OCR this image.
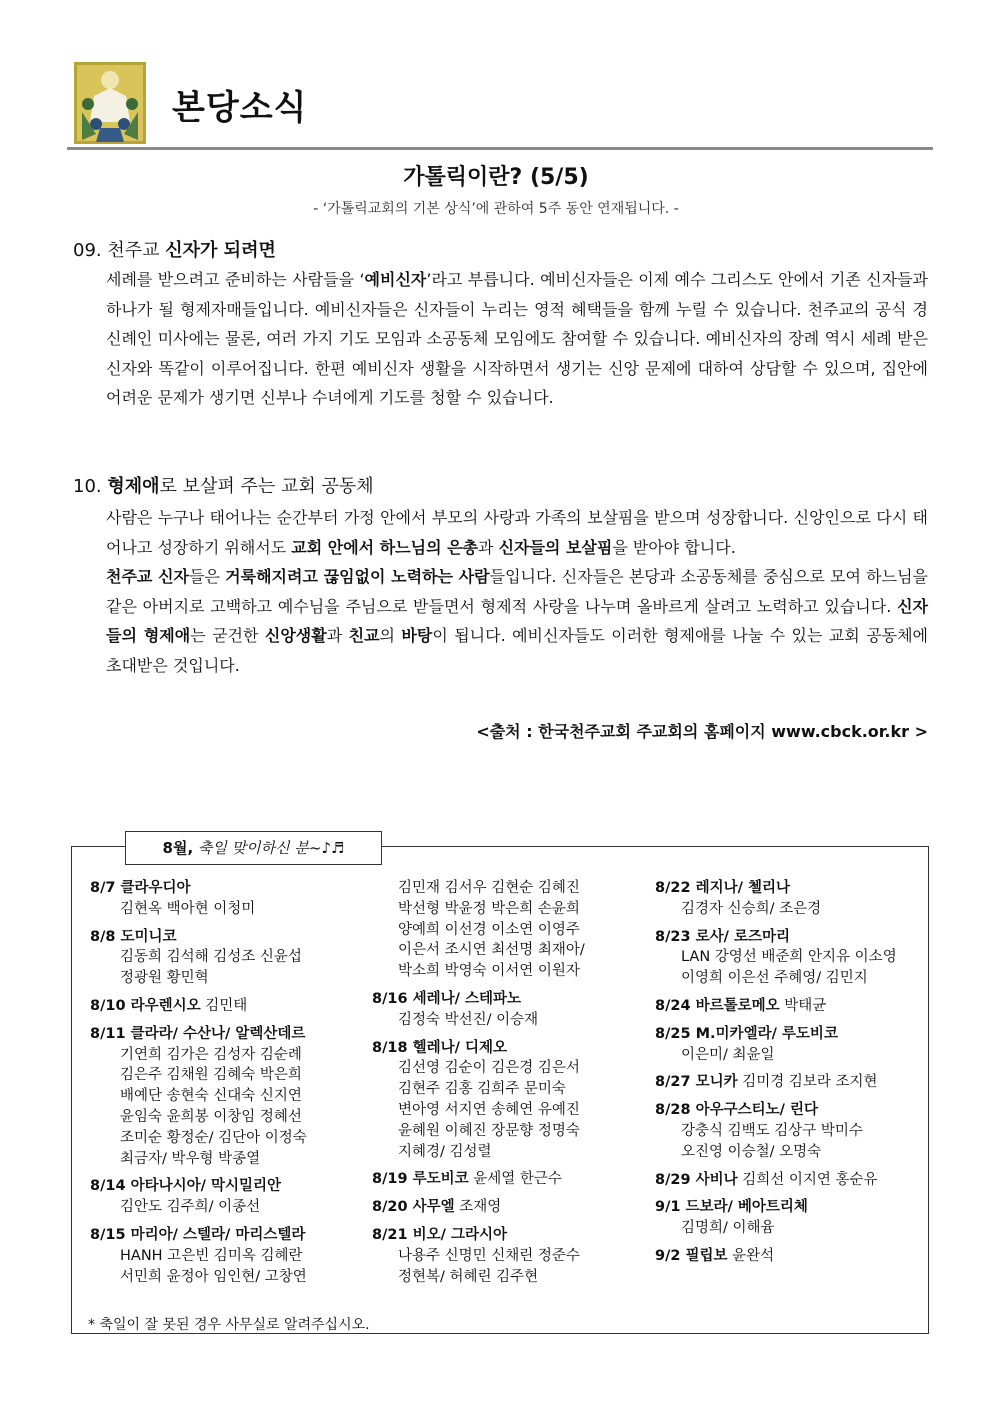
본당소식
가톨릭이란? (5/5)
- ‘가톨릭교회의 기본 상식’에 관하여 5주 동안 연재됩니다. -
09. 천주교 신자가 되려면

세례를 받으려고 준비하는 사람들을 ‘예비신자’라고 부릅니다. 예비신자들은 이제 예수 그리스도 안에서 기존 신자들과 하나가 될 형제자매들입니다. 예비신자들은 신자들이 누리는 영적 혜택들을 함께 누릴 수 있습니다. 천주교의 공식 경신례인 미사에는 물론, 여러 가지 기도 모임과 소공동체 모임에도 참여할 수 있습니다. 예비신자의 장례 역시 세례 받은 신자와 똑같이 이루어집니다. 한편 예비신자 생활을 시작하면서 생기는 신앙 문제에 대하여 상담할 수 있으며, 집안에 어려운 문제가 생기면 신부나 수녀에게 기도를 청할 수 있습니다.

10. 형제애로 보살펴 주는 교회 공동체

사람은 누구나 태어나는 순간부터 가정 안에서 부모의 사랑과 가족의 보살핌을 받으며 성장합니다. 신앙인으로 다시 태어나고 성장하기 위해서도 교회 안에서 하느님의 은총과 신자들의 보살핌을 받아야 합니다.

천주교 신자들은 거룩해지려고 끊임없이 노력하는 사람들입니다. 신자들은 본당과 소공동체를 중심으로 모여 하느님을 같은 아버지로 고백하고 예수님을 주님으로 받들면서 형제적 사랑을 나누며 올바르게 살려고 노력하고 있습니다. 신자들의 형제애는 굳건한 신앙생활과 친교의 바탕이 됩니다. 예비신자들도 이러한 형제애를 나눌 수 있는 교회 공동체에 초대받은 것입니다.

<출처 : 한국천주교회 주교회의 홈페이지 www.cbck.or.kr >
8월, 축일 맞이하신 분~♪♬
8/7 클라우디아
김현옥 백아현 이청미
8/8 도미니코
김동희 김석해 김성조 신윤섭
정광원 황민혁
8/10 라우렌시오 김민태
8/11 클라라/ 수산나/ 알렉산데르
기연희 김가은 김성자 김순례
김은주 김채원 김혜숙 박은희
배예단 송현숙 신대숙 신지연
윤임숙 윤희봉 이창임 정혜선
조미순 황정순/ 김단아 이정숙
최금자/ 박우형 박종열
8/14 아타나시아/ 막시밀리안
김안도 김주희/ 이종선
8/15 마리아/ 스텔라/ 마리스텔라
HANH 고은빈 김미옥 김혜란
서민희 윤정아 임인현/ 고창연
김민재 김서우 김현순 김혜진
박선형 박윤정 박은희 손윤희
양예희 이선경 이소연 이영주
이은서 조시연 최선명 최재아/
박소희 박영숙 이서연 이원자
8/16 세레나/ 스테파노
김정숙 박선진/ 이승재
8/18 헬레나/ 디제오
김선영 김순이 김은경 김은서
김현주 김홍 김희주 문미숙
변아영 서지연 송혜연 유예진
윤혜원 이혜진 장문향 정명숙
지혜경/ 김성렬
8/19 루도비코 윤세열 한근수
8/20 사무엘 조재영
8/21 비오/ 그라시아
나용주 신명민 신채린 정준수
정현복/ 허혜린 김주현
8/22 레지나/ 첼리나
김경자 신승희/ 조은경
8/23 로사/ 로즈마리
LAN 강영선 배준희 안지유 이소영
이영희 이은선 주혜영/ 김민지
8/24 바르톨로메오 박태균
8/25 M.미카엘라/ 루도비코
이은미/ 최윤일
8/27 모니카 김미경 김보라 조지현
8/28 아우구스티노/ 린다
강충식 김백도 김상구 박미수
오진영 이승철/ 오명숙
8/29 사비나 김희선 이지연 홍순유
9/1 드보라/ 베아트리체
김명희/ 이해윰
9/2 필립보 윤완석
* 축일이 잘 못된 경우 사무실로 알려주십시오.
